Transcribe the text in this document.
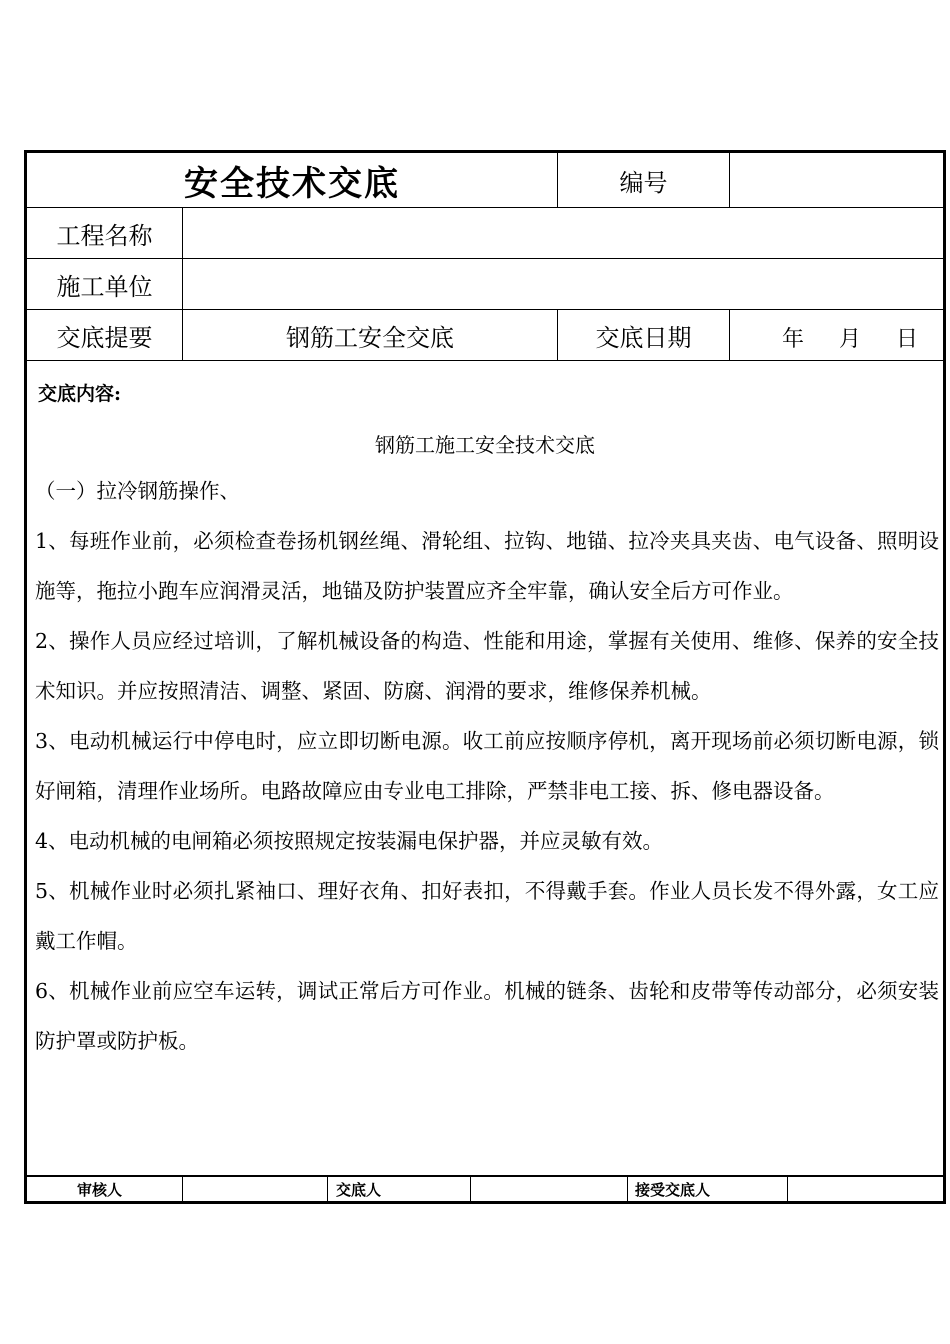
安全技术交底	编号
工程名称
施工单位
交底提要	钢筋工安全交底	交底日期	年 月 日
交底内容:
钢筋工施工安全技术交底

（一）拉冷钢筋操作、

1、每班作业前，必须检查卷扬机钢丝绳、滑轮组、拉钩、地锚、拉冷夹具夹齿、电气设备、照明设施等，拖拉小跑车应润滑灵活，地锚及防护装置应齐全牢靠，确认安全后方可作业。

2、操作人员应经过培训，了解机械设备的构造、性能和用途，掌握有关使用、维修、保养的安全技术知识。并应按照清洁、调整、紧固、防腐、润滑的要求，维修保养机械。

3、电动机械运行中停电时，应立即切断电源。收工前应按顺序停机，离开现场前必须切断电源，锁好闸箱，清理作业场所。电路故障应由专业电工排除，严禁非电工接、拆、修电器设备。

4、电动机械的电闸箱必须按照规定按装漏电保护器，并应灵敏有效。

5、机械作业时必须扎紧袖口、理好衣角、扣好表扣，不得戴手套。作业人员长发不得外露，女工应戴工作帽。

6、机械作业前应空车运转，调试正常后方可作业。机械的链条、齿轮和皮带等传动部分，必须安装防护罩或防护板。

审核人	交底人	接受交底人
